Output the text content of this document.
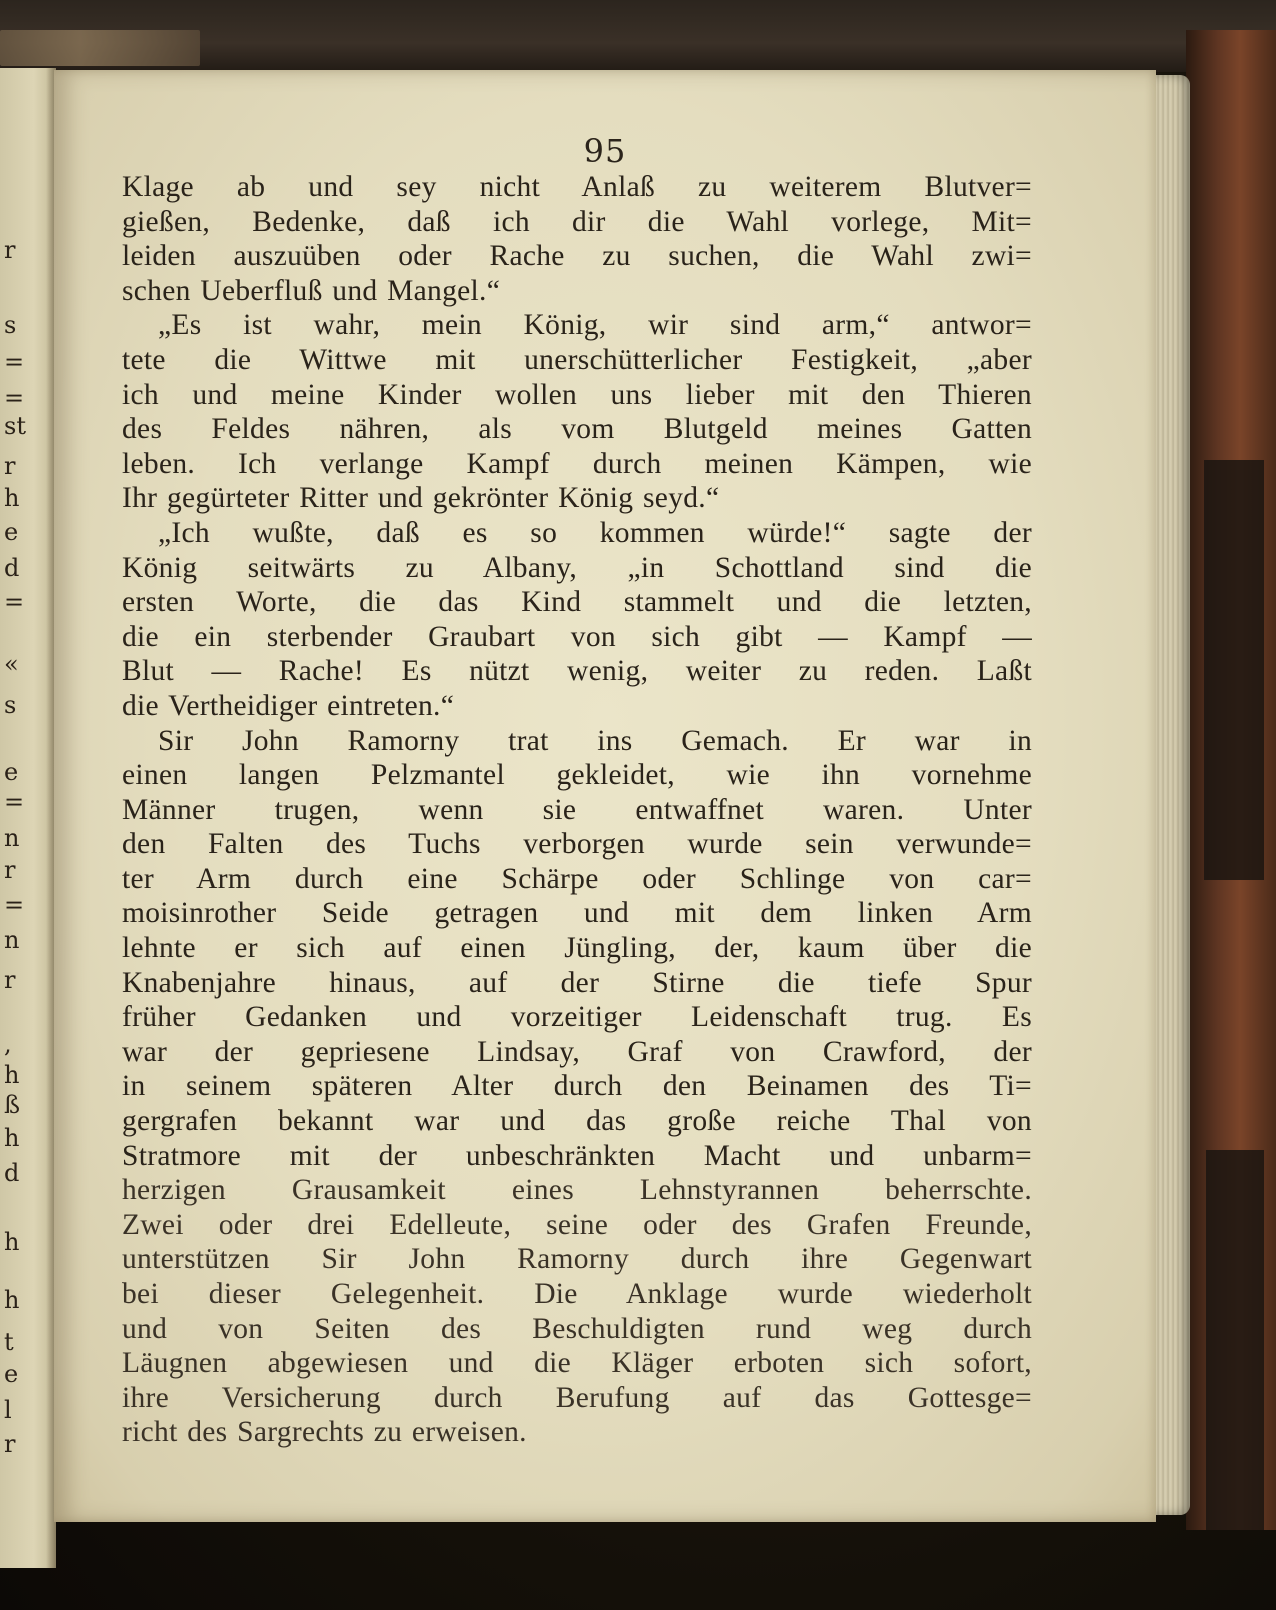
r
s
=
=
st
r
h
e
d
=
«
s
e
=
n
r
=
n
r
,
h
ß
h
d
h
h
t
e
l
r
95
Klage ab und sey nicht Anlaß zu weiterem Blutver=
gießen, Bedenke, daß ich dir die Wahl vorlege, Mit=
leiden auszuüben oder Rache zu suchen, die Wahl zwi=
schen Ueberfluß und Mangel.“
„Es ist wahr, mein König, wir sind arm,“ antwor=
tete die Wittwe mit unerschütterlicher Festigkeit, „aber
ich und meine Kinder wollen uns lieber mit den Thieren
des Feldes nähren, als vom Blutgeld meines Gatten
leben. Ich verlange Kampf durch meinen Kämpen, wie
Ihr gegürteter Ritter und gekrönter König seyd.“
„Ich wußte, daß es so kommen würde!“ sagte der
König seitwärts zu Albany, „in Schottland sind die
ersten Worte, die das Kind stammelt und die letzten,
die ein sterbender Graubart von sich gibt — Kampf —
Blut — Rache! Es nützt wenig, weiter zu reden. Laßt
die Vertheidiger eintreten.“
Sir John Ramorny trat ins Gemach. Er war in
einen langen Pelzmantel gekleidet, wie ihn vornehme
Männer trugen, wenn sie entwaffnet waren. Unter
den Falten des Tuchs verborgen wurde sein verwunde=
ter Arm durch eine Schärpe oder Schlinge von car=
moisinrother Seide getragen und mit dem linken Arm
lehnte er sich auf einen Jüngling, der, kaum über die
Knabenjahre hinaus, auf der Stirne die tiefe Spur
früher Gedanken und vorzeitiger Leidenschaft trug. Es
war der gepriesene Lindsay, Graf von Crawford, der
in seinem späteren Alter durch den Beinamen des Ti=
gergrafen bekannt war und das große reiche Thal von
Stratmore mit der unbeschränkten Macht und unbarm=
herzigen Grausamkeit eines Lehnstyrannen beherrschte.
Zwei oder drei Edelleute, seine oder des Grafen Freunde,
unterstützen Sir John Ramorny durch ihre Gegenwart
bei dieser Gelegenheit. Die Anklage wurde wiederholt
und von Seiten des Beschuldigten rund weg durch
Läugnen abgewiesen und die Kläger erboten sich sofort,
ihre Versicherung durch Berufung auf das Gottesge=
richt des Sargrechts zu erweisen.
